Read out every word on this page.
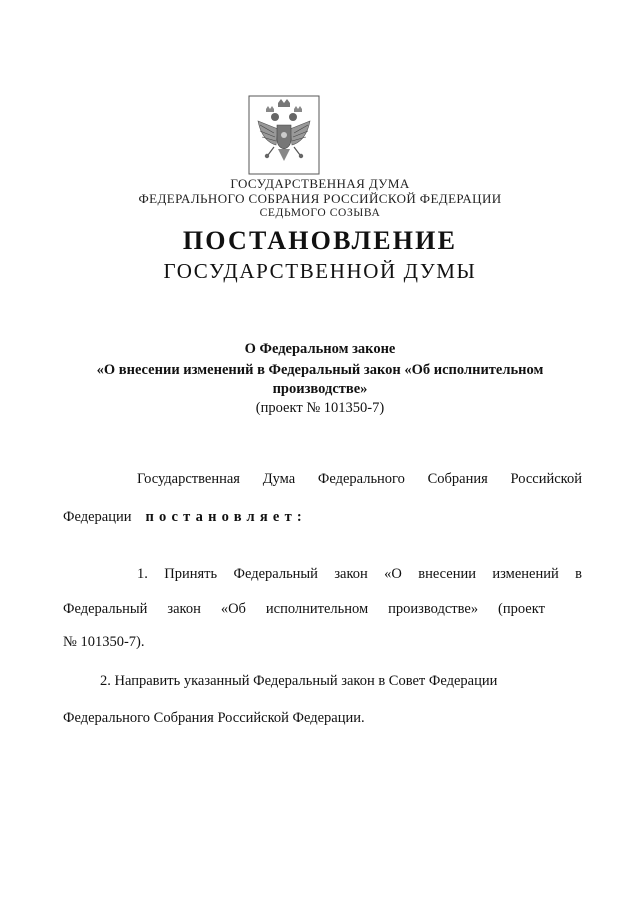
ГОСУДАРСТВЕННАЯ ДУМА
ФЕДЕРАЛЬНОГО СОБРАНИЯ РОССИЙСКОЙ ФЕДЕРАЦИИ
СЕДЬМОГО СОЗЫВА
ПОСТАНОВЛЕНИЕ
ГОСУДАРСТВЕННОЙ ДУМЫ
О Федеральном законе
«О внесении изменений в Федеральный закон «Об исполнительном
производстве»
(проект № 101350-7)
Государственная Дума Федерального Собрания Российской
Федерации постановляет:
1. Принять Федеральный закон «О внесении изменений в
Федеральный закон «Об исполнительном производстве» (проект
№ 101350-7).
2. Направить указанный Федеральный закон в Совет Федерации
Федерального Собрания Российской Федерации.
